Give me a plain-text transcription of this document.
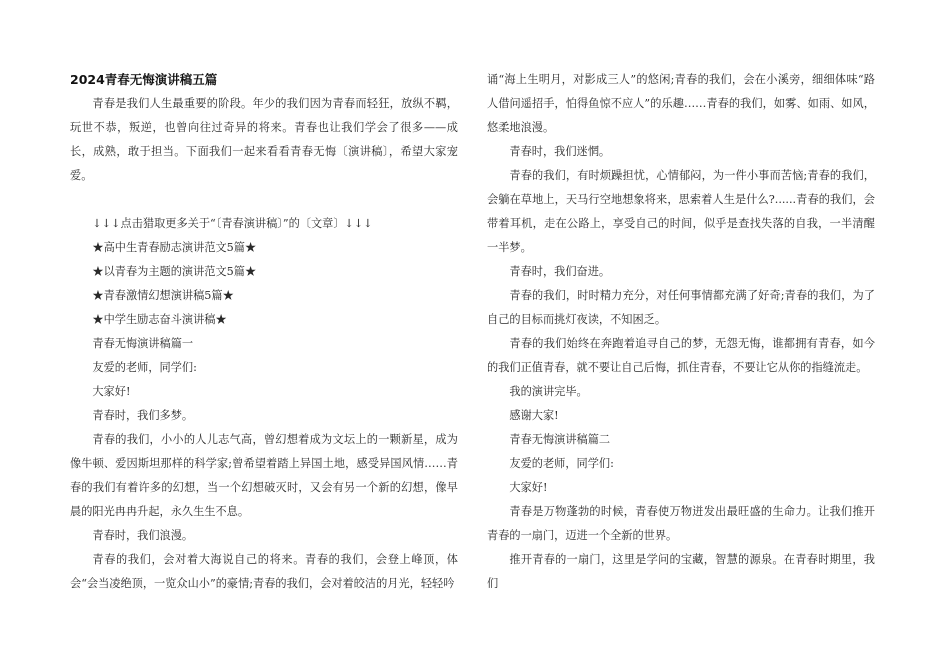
2024青春无悔演讲稿五篇

青春是我们人生最重要的阶段。年少的我们因为青春而轻狂，放纵不羁，玩世不恭，叛逆，也曾向往过奇异的将来。青春也让我们学会了很多——成长，成熟，敢于担当。下面我们一起来看看青春无悔〔演讲稿〕，希望大家宠爱。

↓↓↓点击猎取更多关于“〔青春演讲稿〕”的〔文章〕↓↓↓

★高中生青春励志演讲范文5篇★

★以青春为主题的演讲范文5篇★

★青春激情幻想演讲稿5篇★

★中学生励志奋斗演讲稿★

青春无悔演讲稿篇一

友爱的老师，同学们:

大家好!

青春时，我们多梦。

青春的我们，小小的人儿志气高，曾幻想着成为文坛上的一颗新星，成为像牛顿、爱因斯坦那样的科学家;曾希望着踏上异国土地，感受异国风情……青春的我们有着许多的幻想，当一个幻想破灭时，又会有另一个新的幻想，像早晨的阳光冉冉升起，永久生生不息。

青春时，我们浪漫。

青春的我们，会对着大海说自己的将来。青春的我们，会登上峰顶，体会“会当凌绝顶，一览众山小”的豪情;青春的我们，会对着皎洁的月光，轻轻吟

诵“海上生明月，对影成三人”的悠闲;青春的我们，会在小溪旁，细细体味“路人借问遥招手，怕得鱼惊不应人”的乐趣……青春的我们，如雾、如雨、如风，悠柔地浪漫。

青春时，我们迷惘。

青春的我们，有时烦躁担忧，心情郁闷，为一件小事而苦恼;青春的我们，会躺在草地上，天马行空地想象将来，思索着人生是什么?......青春的我们，会带着耳机，走在公路上，享受自己的时间，似乎是查找失落的自我，一半清醒一半梦。

青春时，我们奋进。

青春的我们，时时精力充分，对任何事情都充满了好奇;青春的我们，为了自己的目标而挑灯夜读，不知困乏。

青春的我们始终在奔跑着追寻自己的梦，无怨无悔，谁都拥有青春，如今的我们正值青春，就不要让自己后悔，抓住青春，不要让它从你的指缝流走。

我的演讲完毕。

感谢大家!

青春无悔演讲稿篇二

友爱的老师，同学们:

大家好!

青春是万物蓬勃的时候，青春使万物迸发出最旺盛的生命力。让我们推开青春的一扇门，迈进一个全新的世界。

推开青春的一扇门，这里是学问的宝藏，智慧的源泉。在青春时期里，我们
